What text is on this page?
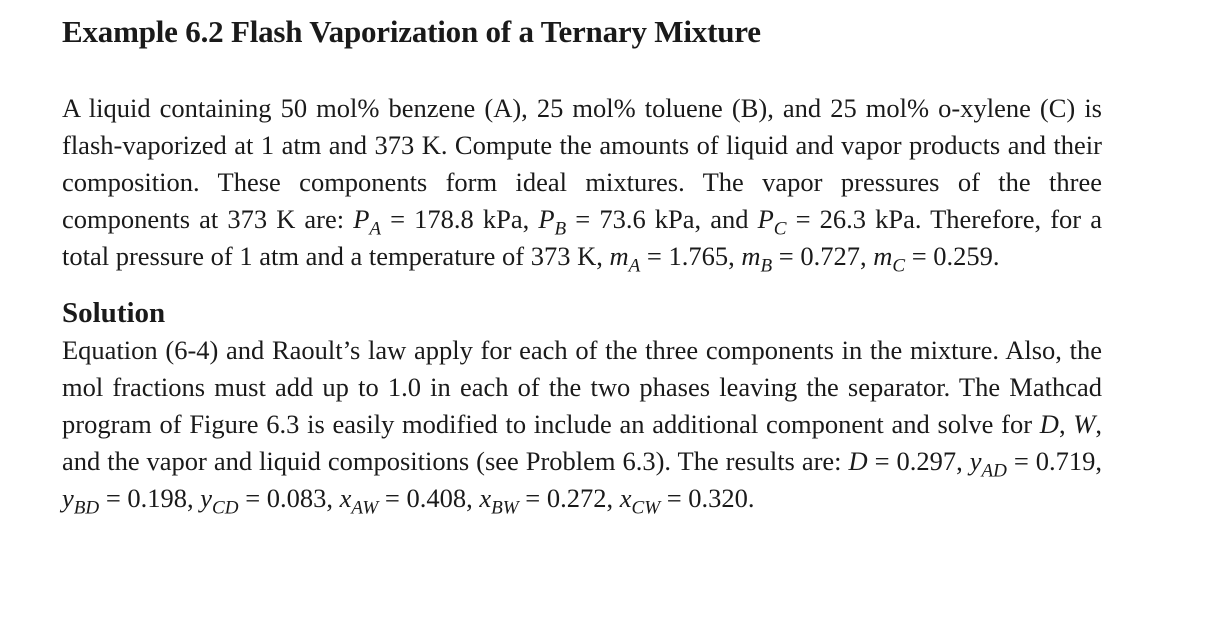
Example 6.2 Flash Vaporization of a Ternary Mixture

A liquid containing 50 mol% benzene (A), 25 mol% toluene (B), and 25 mol% o-xylene (C) is flash-vaporized at 1 atm and 373 K. Compute the amounts of liquid and vapor products and their composition. These components form ideal mixtures. The vapor pressures of the three components at 373 K are: $P_A = 178.8$ kPa, $P_B = 73.6$ kPa, and $P_C = 26.3$ kPa. Therefore, for a total pressure of 1 atm and a temperature of 373 K, $m_A = 1.765$, $m_B = 0.727$, $m_C = 0.259$.

Solution

Equation (6-4) and Raoult’s law apply for each of the three components in the mixture. Also, the mol fractions must add up to 1.0 in each of the two phases leaving the separator. The Mathcad program of Figure 6.3 is easily modified to include an additional component and solve for D, W, and the vapor and liquid compositions (see Problem 6.3). The results are: D = 0.297, $y_{AD} = 0.719$, $y_{BD} = 0.198$, $y_{CD} = 0.083$, $x_{AW} = 0.408$, $x_{BW} = 0.272$, $x_{CW} = 0.320$.
